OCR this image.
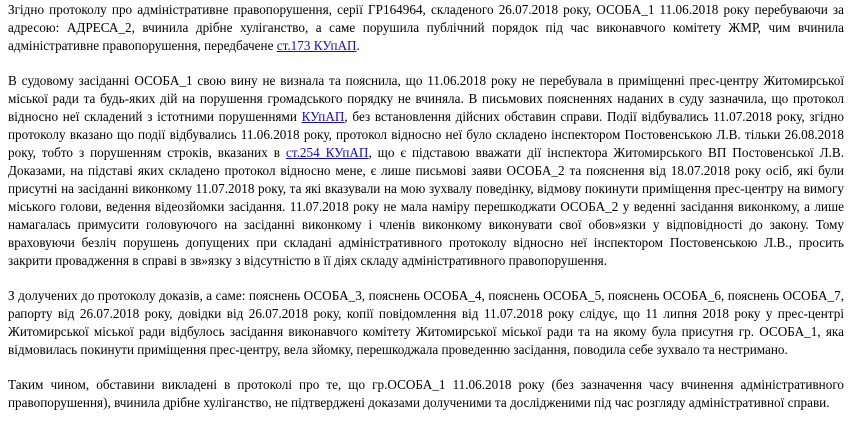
Згідно протоколу про адміністративне правопорушення, серії ГР164964, складеного 26.07.2018 року, ОСОБА_1 11.06.2018 року перебуваючи за адресою: АДРЕСА_2, вчинила дрібне хуліганство, а саме порушила публічний порядок під час виконавчого комітету ЖМР, чим вчинила адміністративне правопорушення, передбачене ст.173 КУпАП.

В судовому засіданні ОСОБА_1 свою вину не визнала та пояснила, що 11.06.2018 року не перебувала в приміщенні прес-центру Житомирської міської ради та будь-яких дій на порушення громадського порядку не вчиняла. В письмових поясненнях наданих в суду зазначила, що протокол відносно неї складений з істотними порушеннями КУпАП, без встановлення дійсних обставин справи. Події відбувались 11.07.2018 року, згідно протоколу вказано що події відбувались 11.06.2018 року, протокол відносно неї було складено інспектором Постовенською Л.В. тільки 26.08.2018 року, тобто з порушенням строків, вказаних в ст.254 КУпАП, що є підставою вважати дії інспектора Житомирського ВП Постовенської Л.В. Доказами, на підставі яких складено протокол відносно мене, є лише письмові заяви ОСОБА_2 та пояснення від 18.07.2018 року осіб, які були присутні на засіданні виконкому 11.07.2018 року, та які вказували на мою зухвалу поведінку, відмову покинути приміщення прес-центру на вимогу міського голови, ведення відеозйомки засідання. 11.07.2018 року не мала наміру перешкоджати ОСОБА_2 у веденні засідання виконкому, а лише намагалась примусити головуючого на засіданні виконкому і членів виконкому виконувати свої обов»язки у відповідності до закону. Тому враховуючи безліч порушень допущених при складані адміністративного протоколу відносно неї інспектором Постовенською Л.В., просить закрити провадження в справі в зв»язку з відсутністю в її діях складу адміністративного правопорушення.

З долучених до протоколу доказів, а саме: пояснень ОСОБА_3, пояснень ОСОБА_4, пояснень ОСОБА_5, пояснень ОСОБА_6, пояснень ОСОБА_7, рапорту від 26.07.2018 року, довідки від 26.07.2018 року, копії повідомлення від 11.07.2018 року слідує, що 11 липня 2018 року у прес-центрі Житомирської міської ради відбулось засідання виконавчого комітету Житомирської міської ради та на якому була присутня гр. ОСОБА_1, яка відмовилась покинути приміщення прес-центру, вела зйомку, перешкоджала проведенню засідання, поводила себе зухвало та нестримано.

Таким чином, обставини викладені в протоколі про те, що гр.ОСОБА_1 11.06.2018 року (без зазначення часу вчинення адміністративного правопорушення), вчинила дрібне хуліганство, не підтверджені доказами долученими та дослідженими під час розгляду адміністративної справи.
